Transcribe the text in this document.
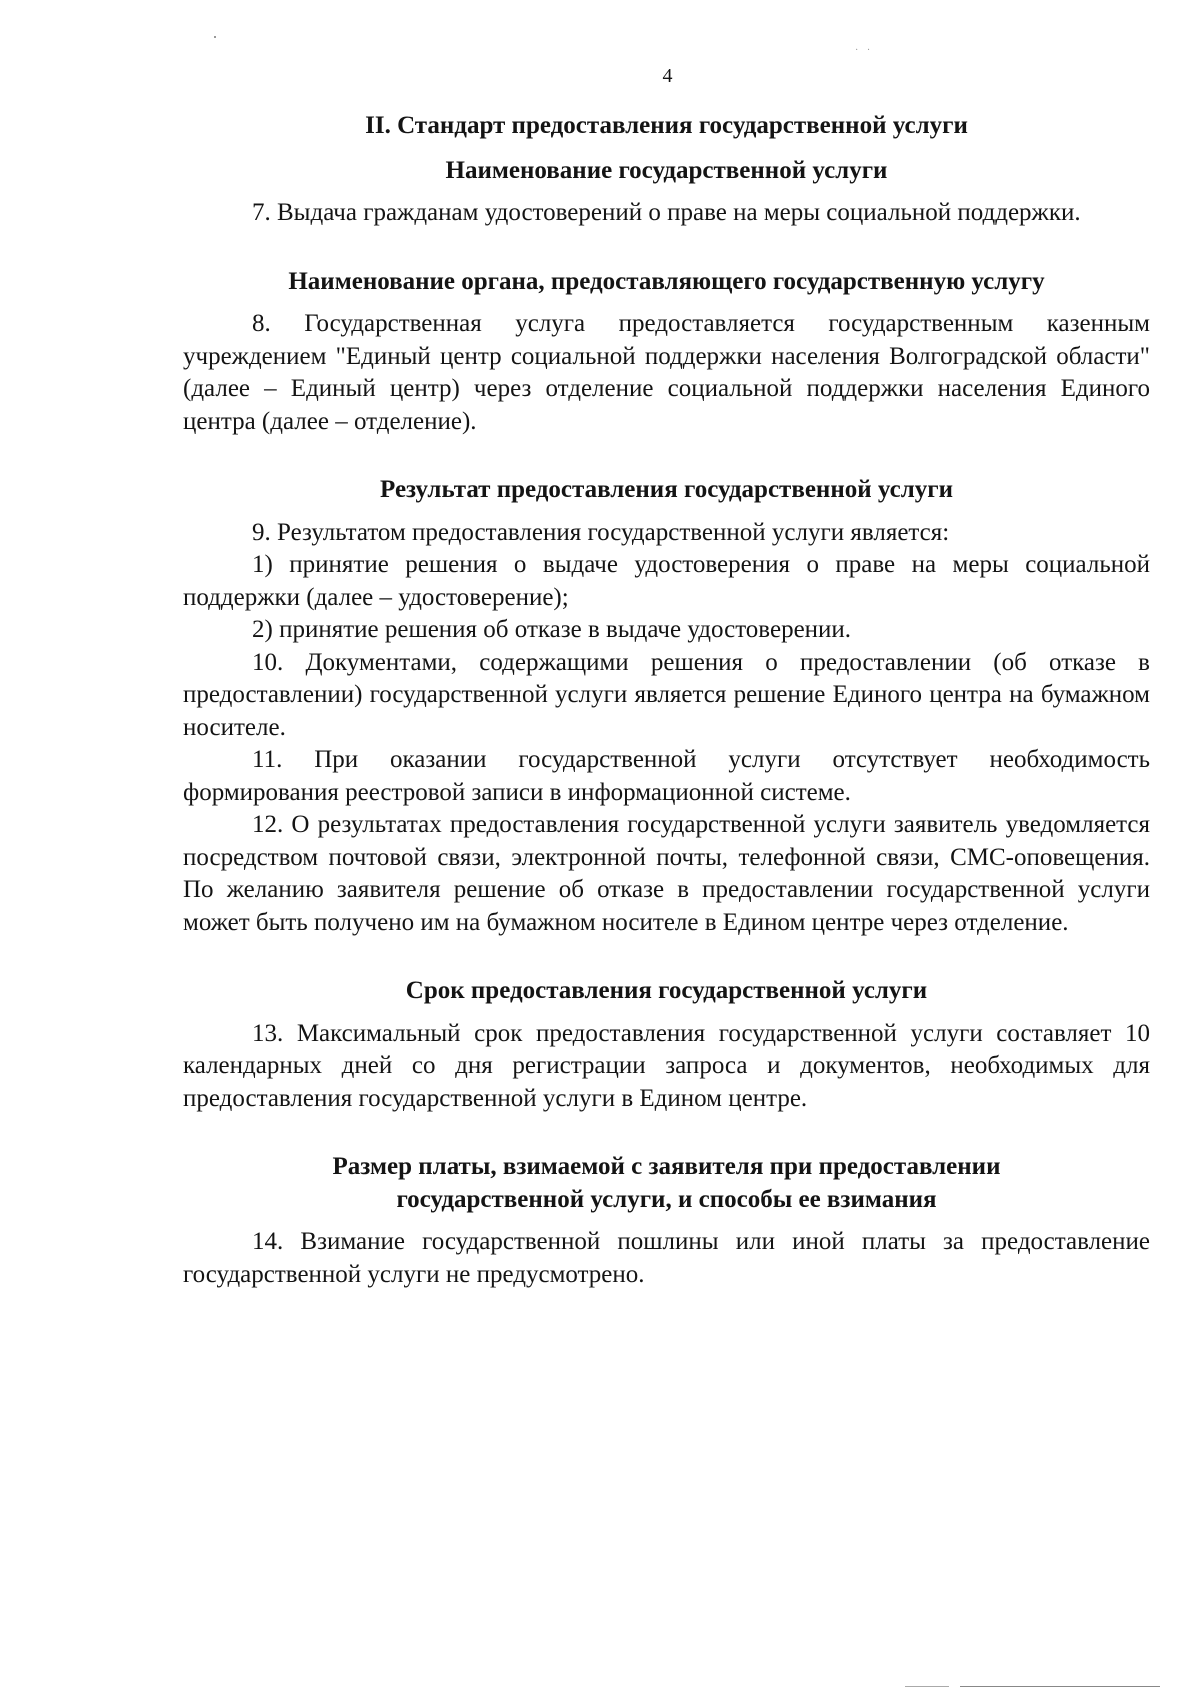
· ·
4
II. Стандарт предоставления государственной услуги
Наименование государственной услуги

7. Выдача гражданам удостоверений о праве на меры социальной поддержки.

Наименование органа, предоставляющего государственную услугу

8. Государственная услуга предоставляется государственным казенным учреждением "Единый центр социальной поддержки населения Волгоградской области" (далее – Единый центр) через отделение социальной поддержки населения Единого центра (далее – отделение).

Результат предоставления государственной услуги

9. Результатом предоставления государственной услуги является:

1) принятие решения о выдаче удостоверения о праве на меры социальной поддержки (далее – удостоверение);

2) принятие решения об отказе в выдаче удостоверении.

10. Документами, содержащими решения о предоставлении (об отказе в предоставлении) государственной услуги является решение Единого центра на бумажном носителе.

11. При оказании государственной услуги отсутствует необходимость формирования реестровой записи в информационной системе.

12. О результатах предоставления государственной услуги заявитель уведомляется посредством почтовой связи, электронной почты, телефонной связи, СМС-оповещения. По желанию заявителя решение об отказе в предоставлении государственной услуги может быть получено им на бумажном носителе в Едином центре через отделение.

Срок предоставления государственной услуги

13. Максимальный срок предоставления государственной услуги составляет 10 календарных дней со дня регистрации запроса и документов, необходимых для предоставления государственной услуги в Едином центре.

Размер платы, взимаемой с заявителя при предоставлении
государственной услуги, и способы ее взимания

14. Взимание государственной пошлины или иной платы за предоставление государственной услуги не предусмотрено.
